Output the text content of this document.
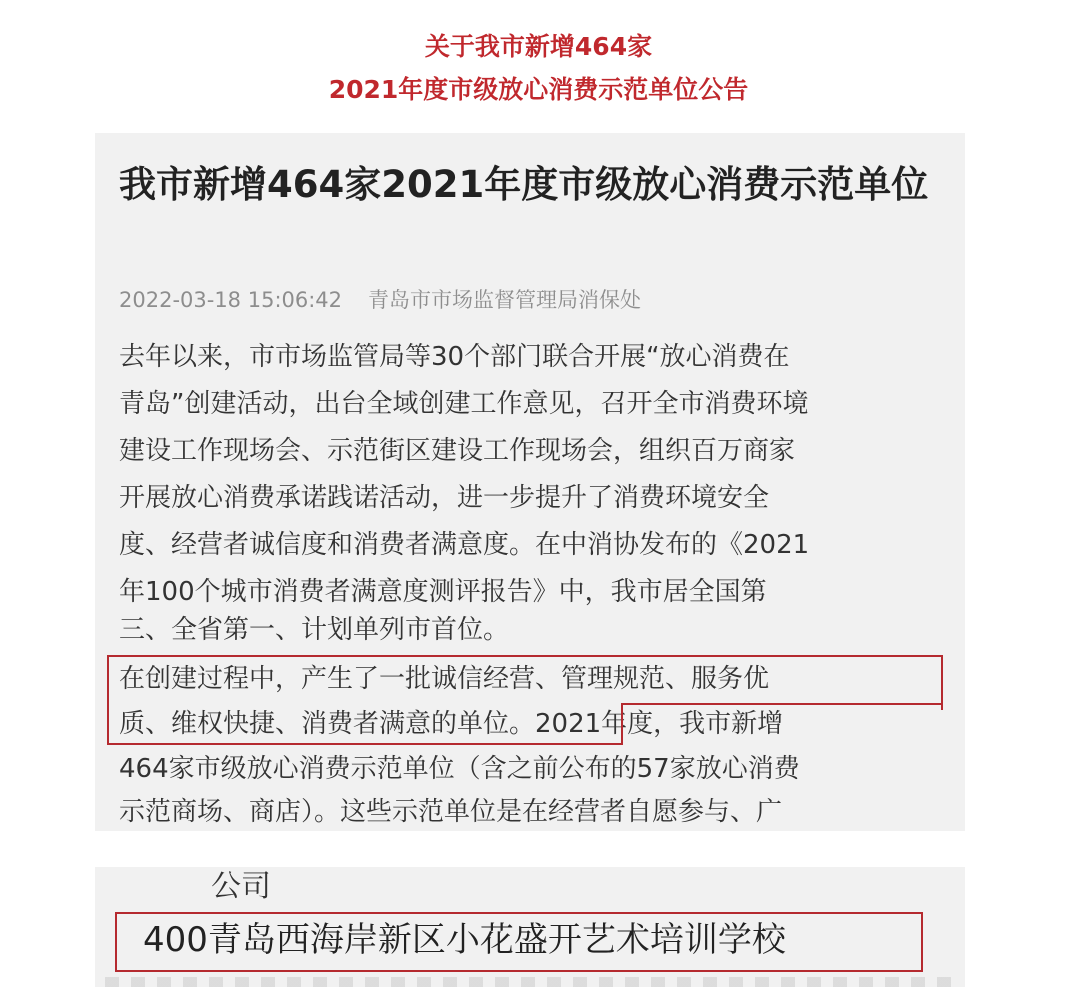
关于我市新增464家
2021年度市级放心消费示范单位公告
我市新增464家2021年度市级放心消费示范单位
2022-03-18 15:06:42 青岛市市场监督管理局消保处
去年以来，市市场监管局等30个部门联合开展“放心消费在
青岛”创建活动，出台全域创建工作意见，召开全市消费环境
建设工作现场会、示范街区建设工作现场会，组织百万商家
开展放心消费承诺践诺活动，进一步提升了消费环境安全
度、经营者诚信度和消费者满意度。在中消协发布的《2021
年100个城市消费者满意度测评报告》中，我市居全国第
三、全省第一、计划单列市首位。
在创建过程中，产生了一批诚信经营、管理规范、服务优
质、维权快捷、消费者满意的单位。2021年度，我市新增
464家市级放心消费示范单位（含之前公布的57家放心消费
示范商场、商店）。这些示范单位是在经营者自愿参与、广
公司
400青岛西海岸新区小花盛开艺术培训学校
